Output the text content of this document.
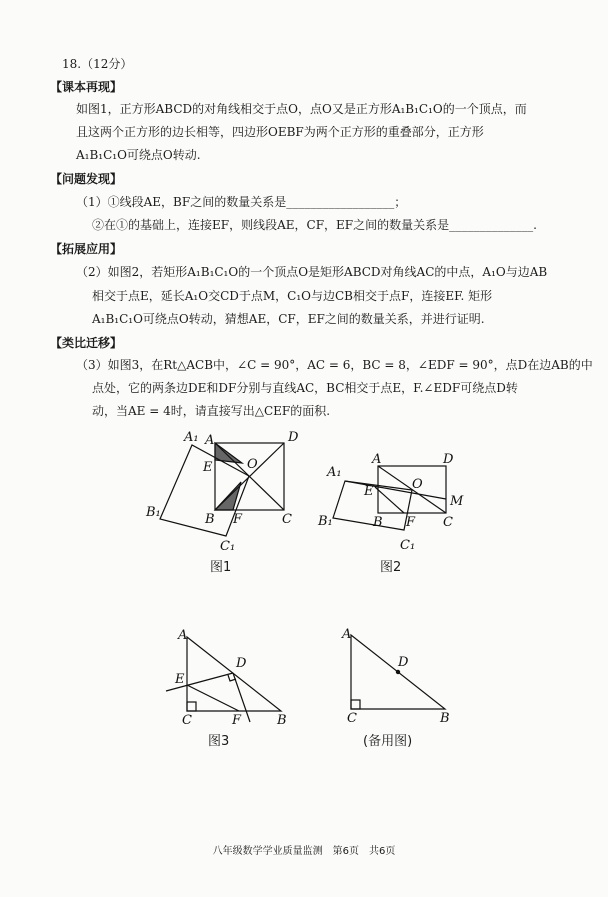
18.（12分）
【课本再现】
如图1，正方形ABCD的对角线相交于点O，点O又是正方形A₁B₁C₁O的一个顶点，而
且这两个正方形的边长相等，四边形OEBF为两个正方形的重叠部分，正方形
A₁B₁C₁O可绕点O转动.
【问题发现】
（1）①线段AE，BF之间的数量关系是__________________；
②在①的基础上，连接EF，则线段AE，CF，EF之间的数量关系是______________.
【拓展应用】
（2）如图2，若矩形A₁B₁C₁O的一个顶点O是矩形ABCD对角线AC的中点，A₁O与边AB
相交于点E，延长A₁O交CD于点M，C₁O与边CB相交于点F，连接EF. 矩形
A₁B₁C₁O可绕点O转动，猜想AE，CF，EF之间的数量关系，并进行证明.
【类比迁移】
（3）如图3，在Rt△ACB中，∠C = 90°，AC = 6，BC = 8，∠EDF = 90°，点D在边AB的中
点处，它的两条边DE和DF分别与直线AC，BC相交于点E，F.∠EDF可绕点D转
动，当AE = 4时，请直接写出△CEF的面积.
A₁ A	D
E	O
B₁	B F	C
C₁
A	D
A₁
E	O
M
B₁	B F C
C₁
A
D
E
C	F	B
A
D
C	B
图1	图2
图3	(备用图)
八年级数学学业质量监测　第6页　共6页
